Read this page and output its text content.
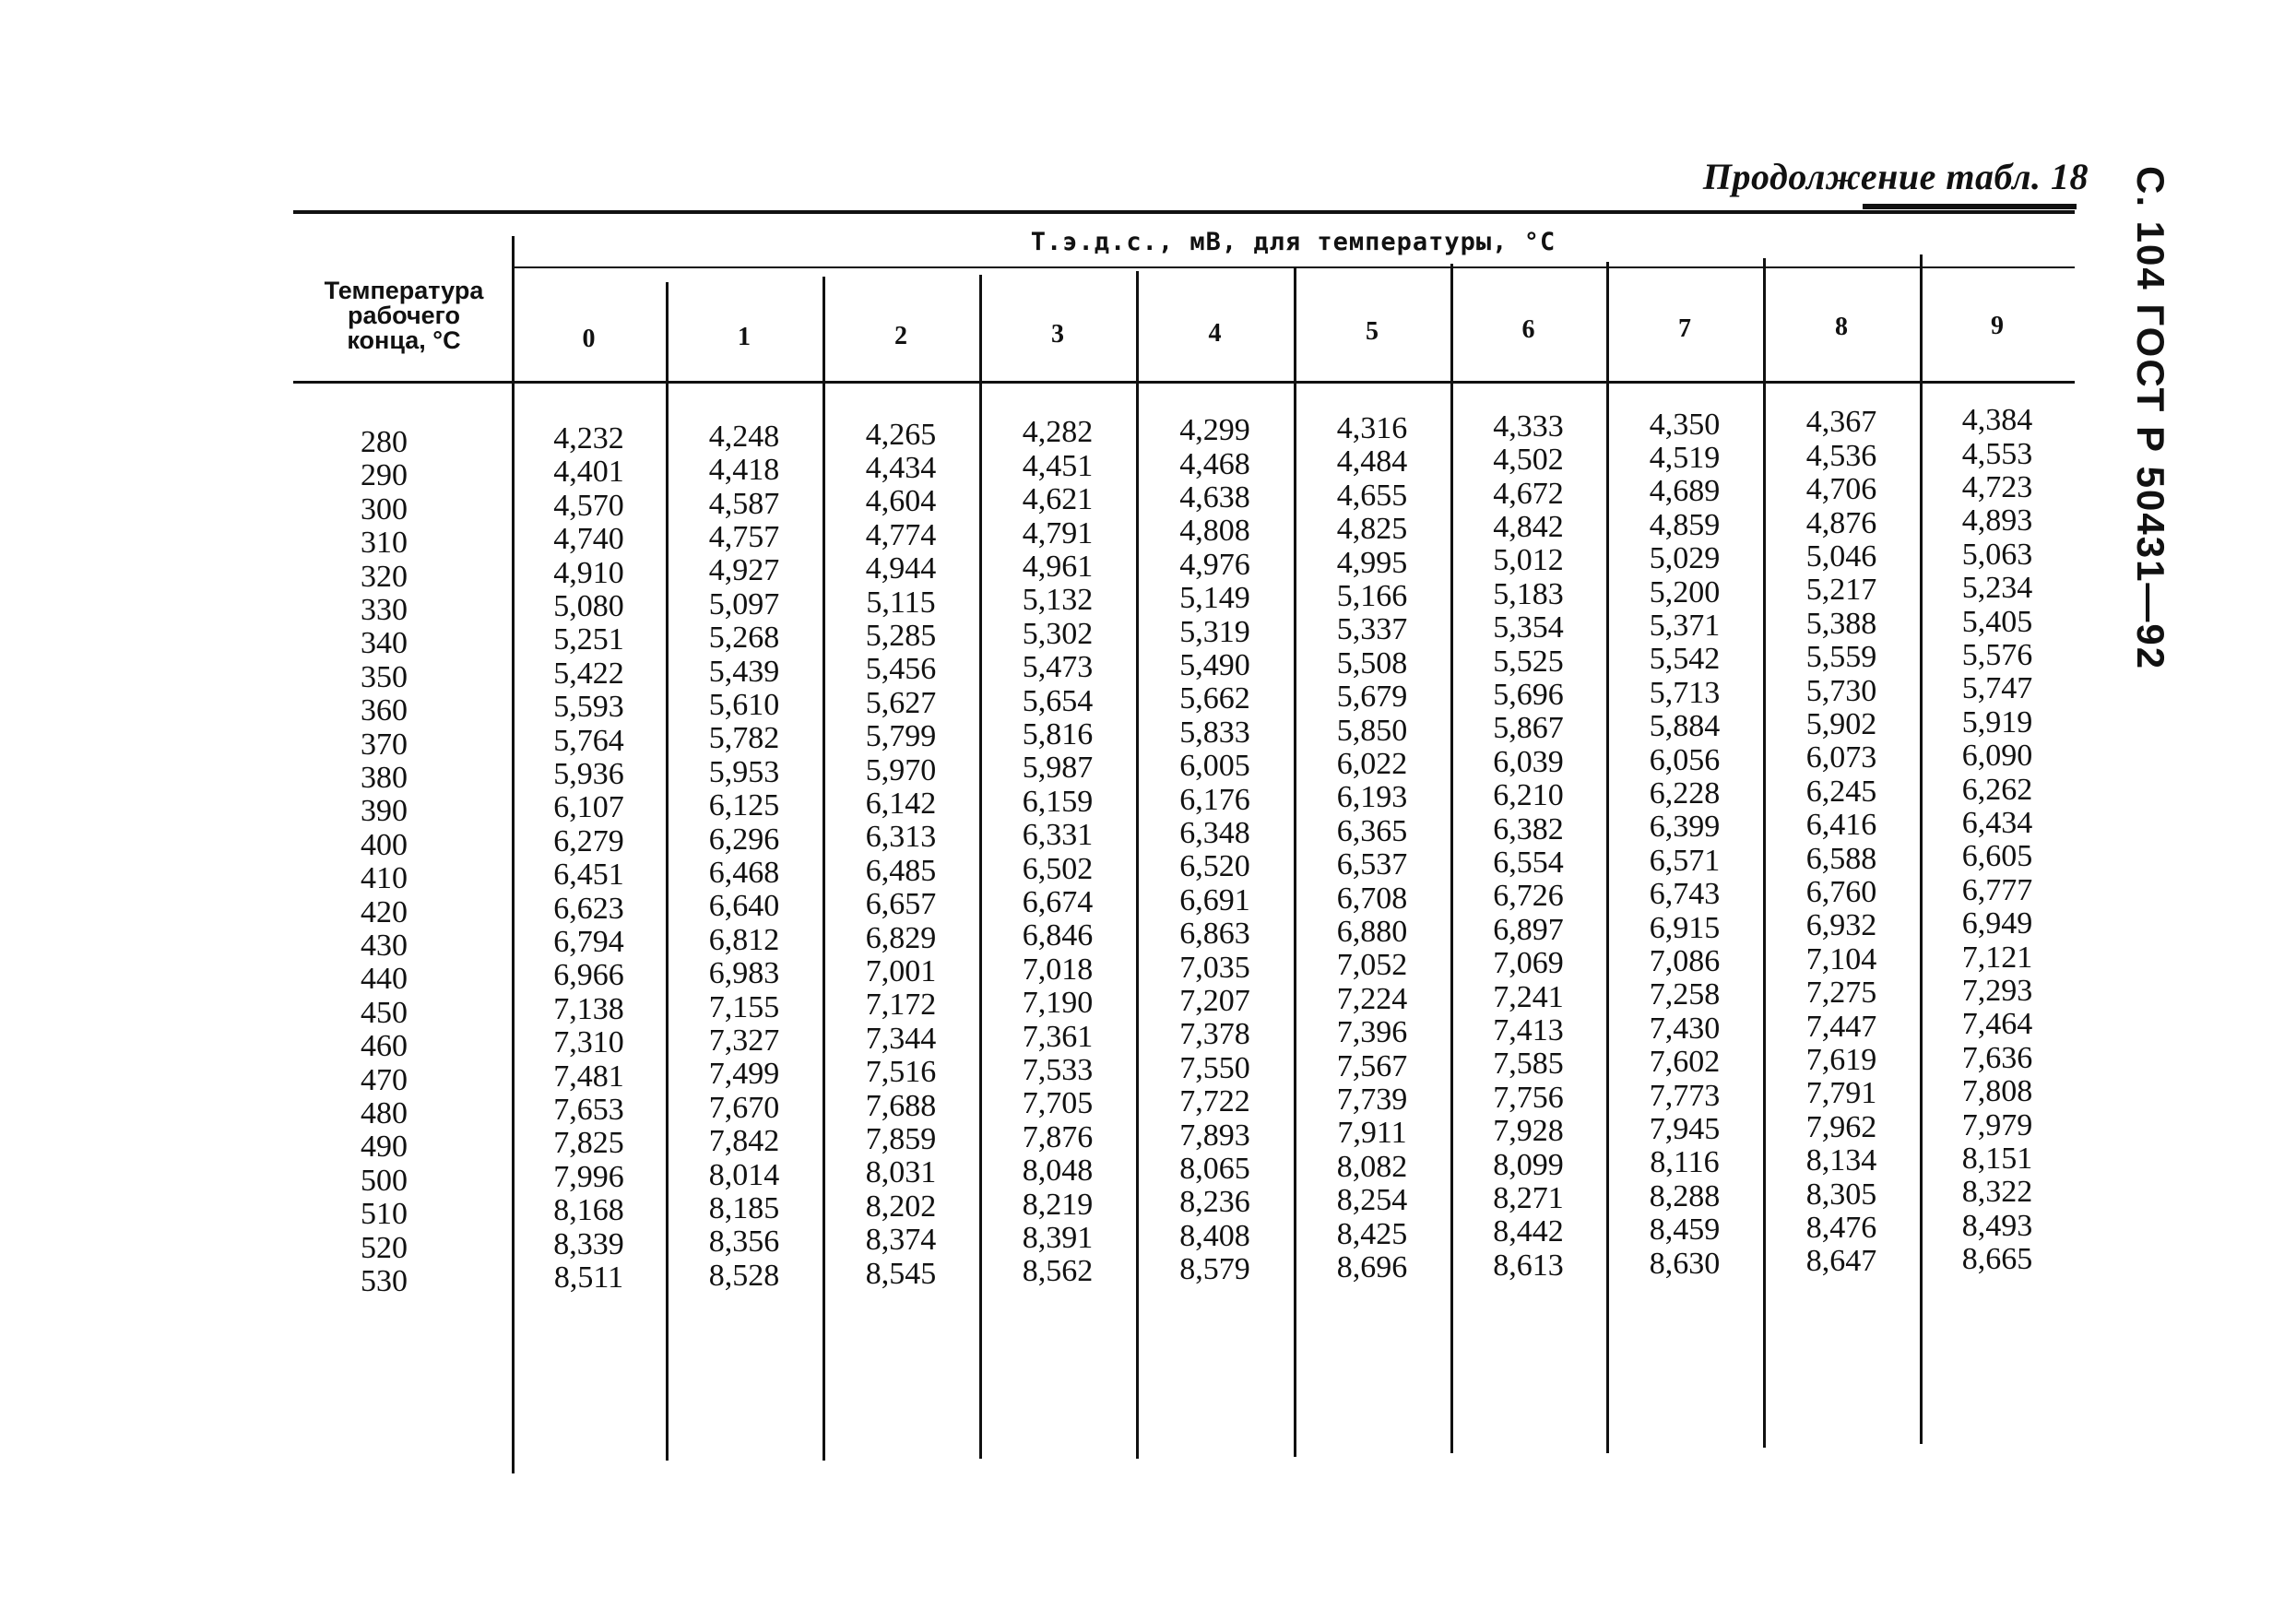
Продолжение табл. 18 С. 104 ГОСТ Р 50431—92
Температура
рабочего
конца, °С
Т.э.д.с., мВ, для температуры, °С
0	1	2	3	4	5	6	7	8	9
280	4,232	4,248	4,265	4,282	4,299	4,316	4,333	4,350	4,367	4,384
290	4,401	4,418	4,434	4,451	4,468	4,484	4,502	4,519	4,536	4,553
300	4,570	4,587	4,604	4,621	4,638	4,655	4,672	4,689	4,706	4,723
310	4,740	4,757	4,774	4,791	4,808	4,825	4,842	4,859	4,876	4,893
320	4,910	4,927	4,944	4,961	4,976	4,995	5,012	5,029	5,046	5,063
330	5,080	5,097	5,115	5,132	5,149	5,166	5,183	5,200	5,217	5,234
340	5,251	5,268	5,285	5,302	5,319	5,337	5,354	5,371	5,388	5,405
350	5,422	5,439	5,456	5,473	5,490	5,508	5,525	5,542	5,559	5,576
360	5,593	5,610	5,627	5,654	5,662	5,679	5,696	5,713	5,730	5,747
370	5,764	5,782	5,799	5,816	5,833	5,850	5,867	5,884	5,902	5,919
380	5,936	5,953	5,970	5,987	6,005	6,022	6,039	6,056	6,073	6,090
390	6,107	6,125	6,142	6,159	6,176	6,193	6,210	6,228	6,245	6,262
400	6,279	6,296	6,313	6,331	6,348	6,365	6,382	6,399	6,416	6,434
410	6,451	6,468	6,485	6,502	6,520	6,537	6,554	6,571	6,588	6,605
420	6,623	6,640	6,657	6,674	6,691	6,708	6,726	6,743	6,760	6,777
430	6,794	6,812	6,829	6,846	6,863	6,880	6,897	6,915	6,932	6,949
440	6,966	6,983	7,001	7,018	7,035	7,052	7,069	7,086	7,104	7,121
450	7,138	7,155	7,172	7,190	7,207	7,224	7,241	7,258	7,275	7,293
460	7,310	7,327	7,344	7,361	7,378	7,396	7,413	7,430	7,447	7,464
470	7,481	7,499	7,516	7,533	7,550	7,567	7,585	7,602	7,619	7,636
480	7,653	7,670	7,688	7,705	7,722	7,739	7,756	7,773	7,791	7,808
490	7,825	7,842	7,859	7,876	7,893	7,911	7,928	7,945	7,962	7,979
500	7,996	8,014	8,031	8,048	8,065	8,082	8,099	8,116	8,134	8,151
510	8,168	8,185	8,202	8,219	8,236	8,254	8,271	8,288	8,305	8,322
520	8,339	8,356	8,374	8,391	8,408	8,425	8,442	8,459	8,476	8,493
530	8,511	8,528	8,545	8,562	8,579	8,696	8,613	8,630	8,647	8,665
